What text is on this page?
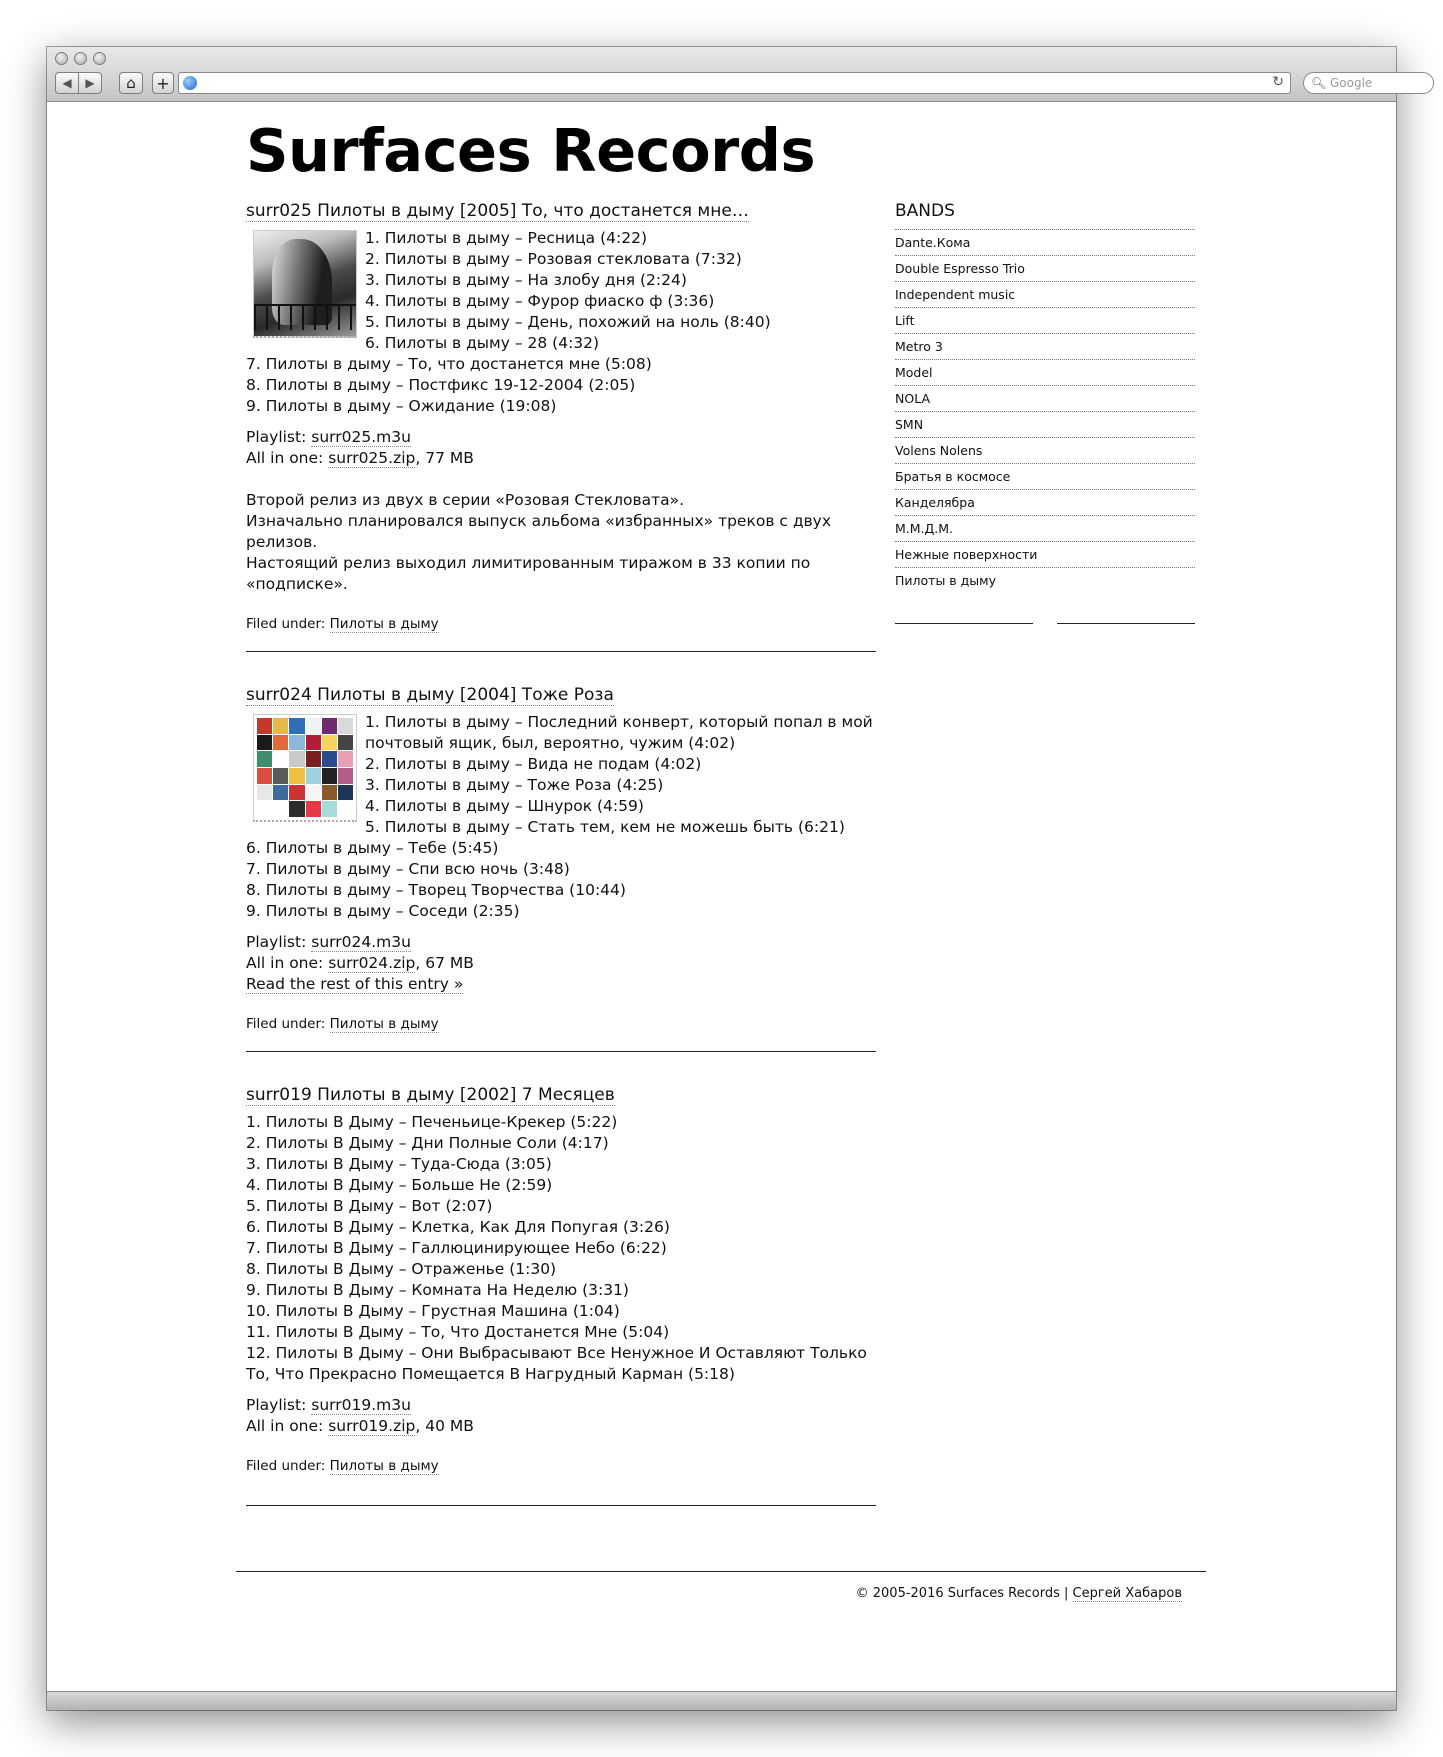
◀ ▶ ⌂ +	↻ 🔍︎ Google
Surfaces Records
surr025 Пилоты в дыму [2005] То, что достанется мне…
1. Пилоты в дыму – Ресница (4:22)
2. Пилоты в дыму – Розовая стекловата (7:32)
3. Пилоты в дыму – На злобу дня (2:24)
4. Пилоты в дыму – Фурор фиаско ф (3:36)
5. Пилоты в дыму – День, похожий на ноль (8:40)
6. Пилоты в дыму – 28 (4:32)
7. Пилоты в дыму – То, что достанется мне (5:08)
8. Пилоты в дыму – Постфикс 19-12-2004 (2:05)
9. Пилоты в дыму – Ожидание (19:08)
Playlist: surr025.m3u
All in one: surr025.zip, 77 MB
Второй релиз из двух в серии «Розовая Стекловата».
Изначально планировался выпуск альбома «избранных» треков с двух релизов.
Настоящий релиз выходил лимитированным тиражом в 33 копии по «подписке».
Filed under: Пилоты в дыму
surr024 Пилоты в дыму [2004] Тоже Роза
1. Пилоты в дыму – Последний конверт, который попал в мой почтовый ящик, был, вероятно, чужим (4:02)
2. Пилоты в дыму – Вида не подам (4:02)
3. Пилоты в дыму – Тоже Роза (4:25)
4. Пилоты в дыму – Шнурок (4:59)
5. Пилоты в дыму – Стать тем, кем не можешь быть (6:21)
6. Пилоты в дыму – Тебе (5:45)
7. Пилоты в дыму – Спи всю ночь (3:48)
8. Пилоты в дыму – Творец Творчества (10:44)
9. Пилоты в дыму – Соседи (2:35)
Playlist: surr024.m3u
All in one: surr024.zip, 67 MB
Read the rest of this entry »
Filed under: Пилоты в дыму
surr019 Пилоты в дыму [2002] 7 Месяцев
1. Пилоты В Дыму – Печеньице-Крекер (5:22)
2. Пилоты В Дыму – Дни Полные Соли (4:17)
3. Пилоты В Дыму – Туда-Сюда (3:05)
4. Пилоты В Дыму – Больше Не (2:59)
5. Пилоты В Дыму – Вот (2:07)
6. Пилоты В Дыму – Клетка, Как Для Попугая (3:26)
7. Пилоты В Дыму – Галлюцинирующее Небо (6:22)
8. Пилоты В Дыму – Отраженье (1:30)
9. Пилоты В Дыму – Комната На Неделю (3:31)
10. Пилоты В Дыму – Грустная Машина (1:04)
11. Пилоты В Дыму – То, Что Достанется Мне (5:04)
12. Пилоты В Дыму – Они Выбрасывают Все Ненужное И Оставляют Только То, Что Прекрасно Помещается В Нагрудный Карман (5:18)
Playlist: surr019.m3u
All in one: surr019.zip, 40 MB
Filed under: Пилоты в дыму
BANDS
Dante.Кома
Double Espresso Trio
Independent music
Lift
Metro 3
Model
NOLA
SMN
Volens Nolens
Братья в космосе
Канделябра
М.М.Д.М.
Нежные поверхности
Пилоты в дыму
© 2005-2016 Surfaces Records | Сергей Хабаров
